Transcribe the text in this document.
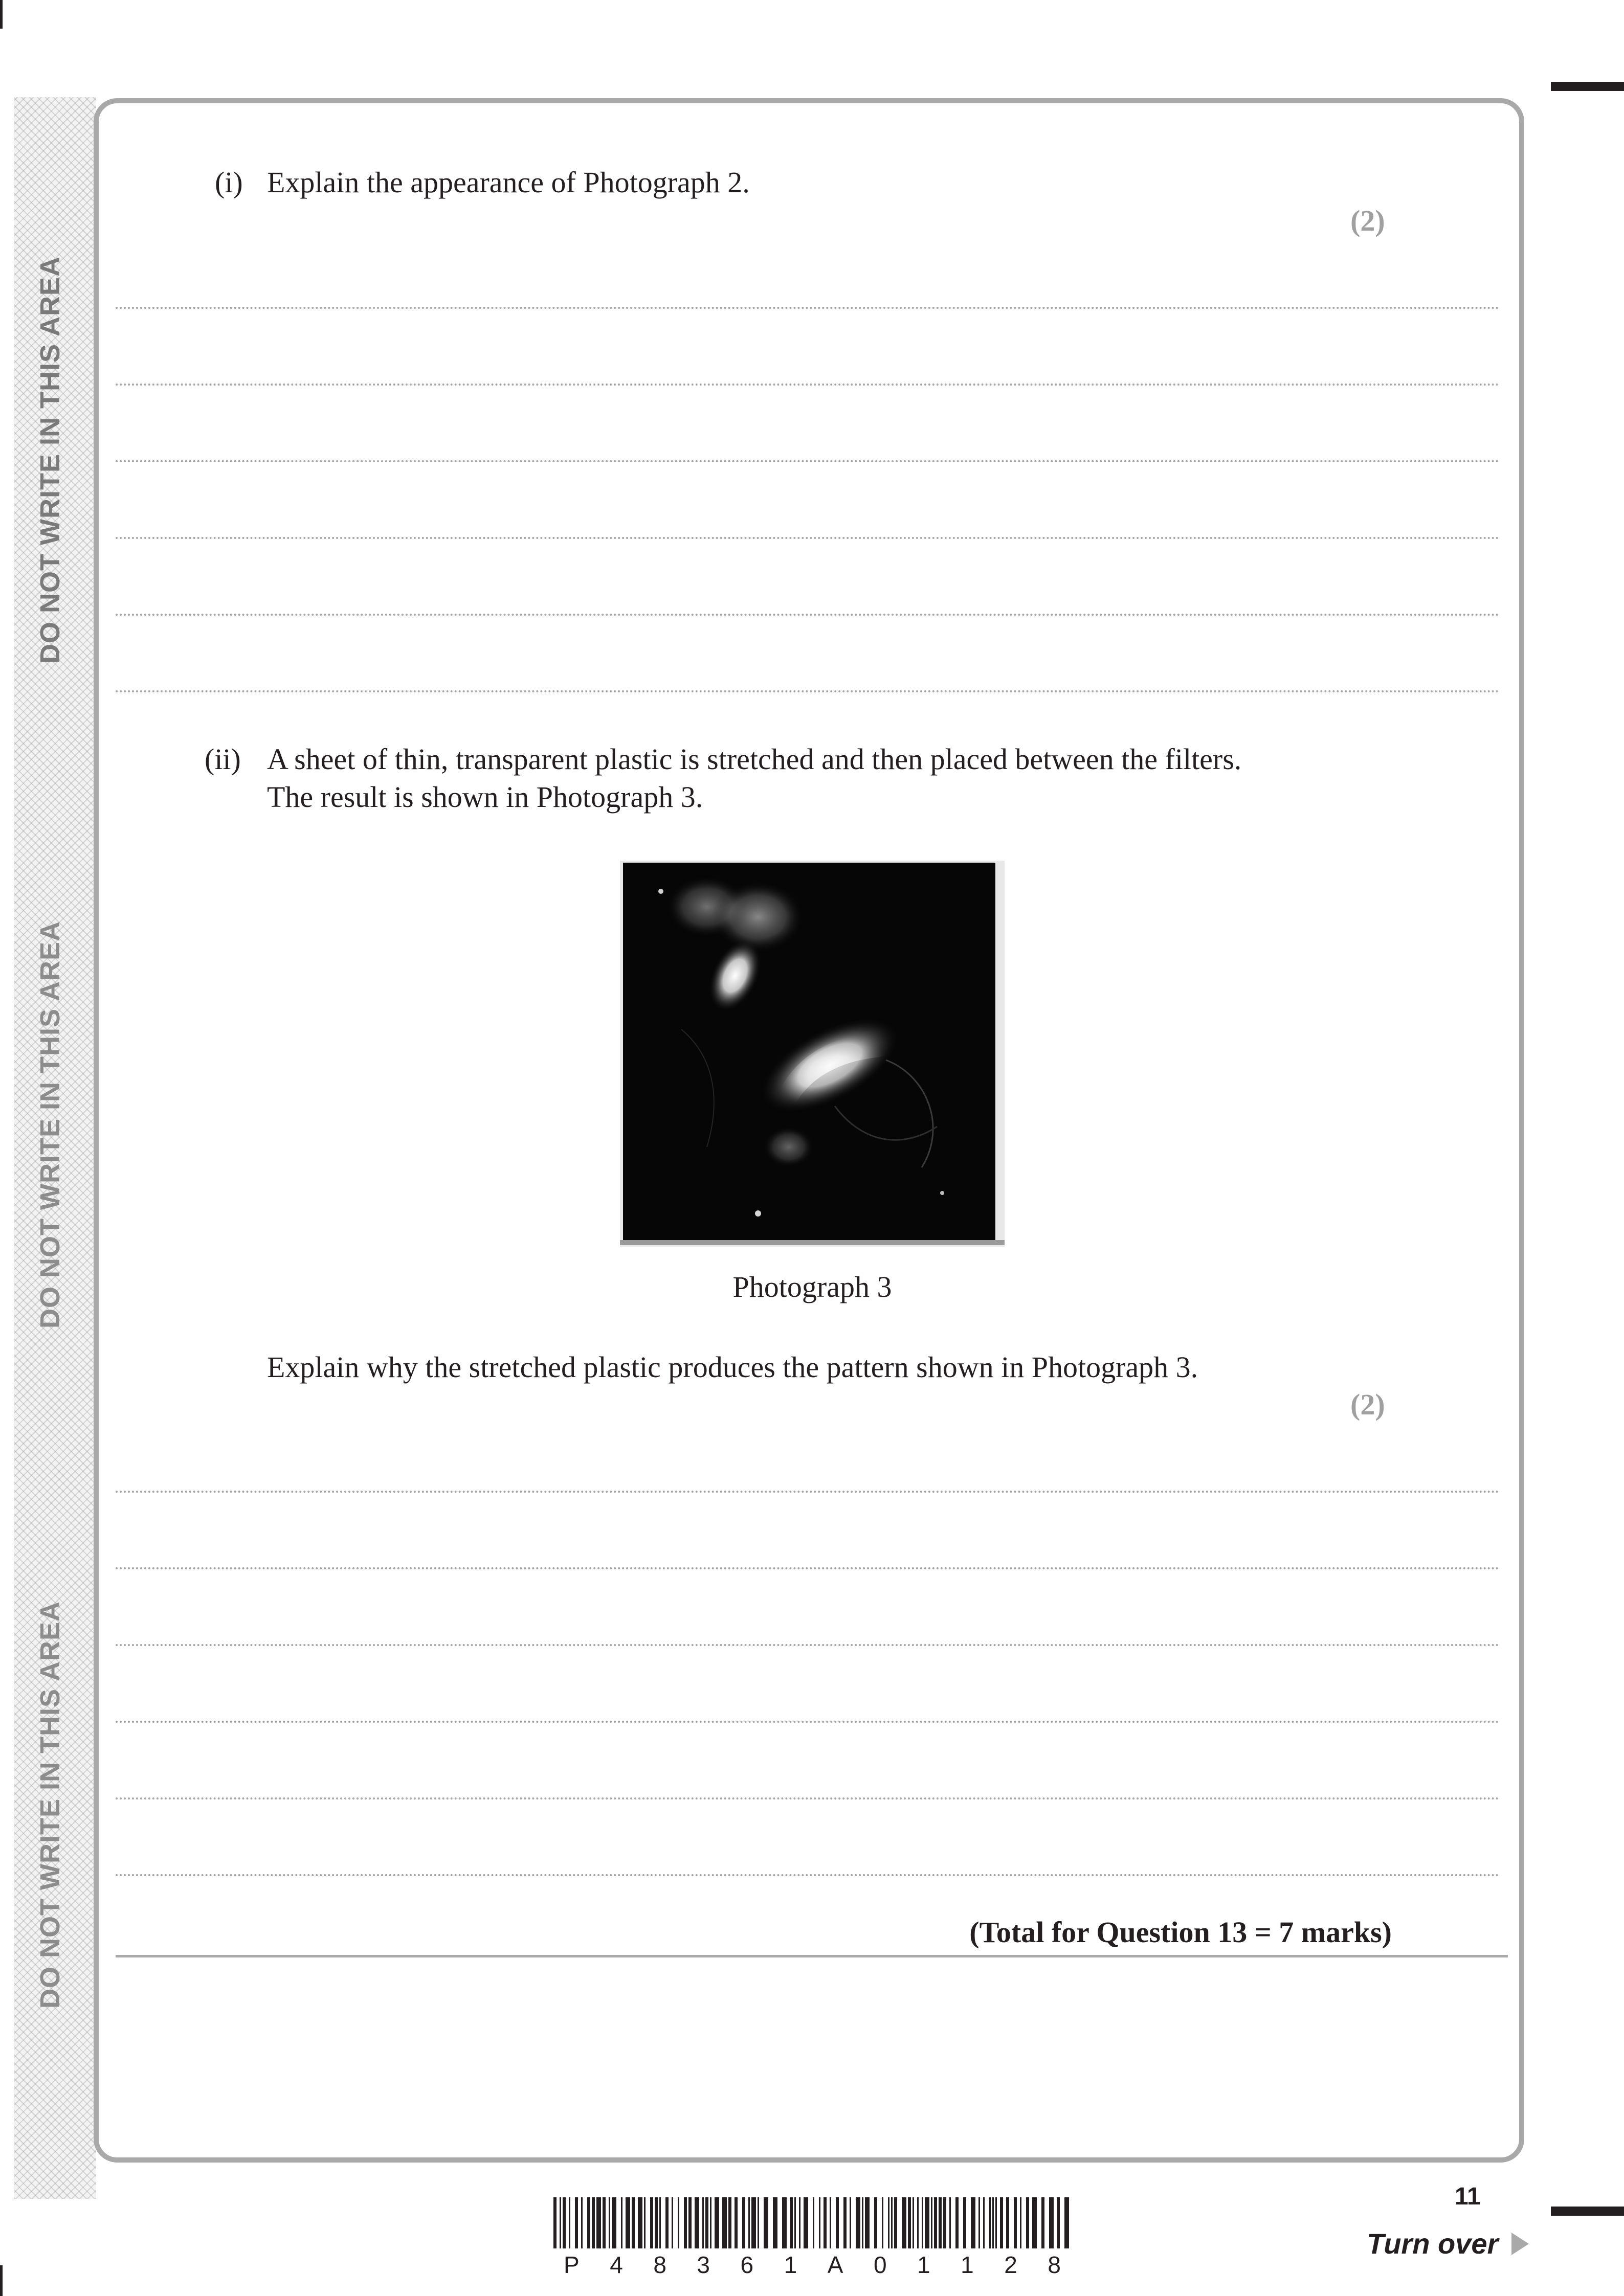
DO NOT WRITE IN THIS AREA
DO NOT WRITE IN THIS AREA
DO NOT WRITE IN THIS AREA
(i) Explain the appearance of Photograph 2.
(2)
(ii) A sheet of thin, transparent plastic is stretched and then placed between the filters.
The result is shown in Photograph 3.
Photograph 3
Explain why the stretched plastic produces the pattern shown in Photograph 3.
(2)
(Total for Question 13 = 7 marks)
P 4 8 3 6 1 A 0 1 1 2 8
11
Turn over
